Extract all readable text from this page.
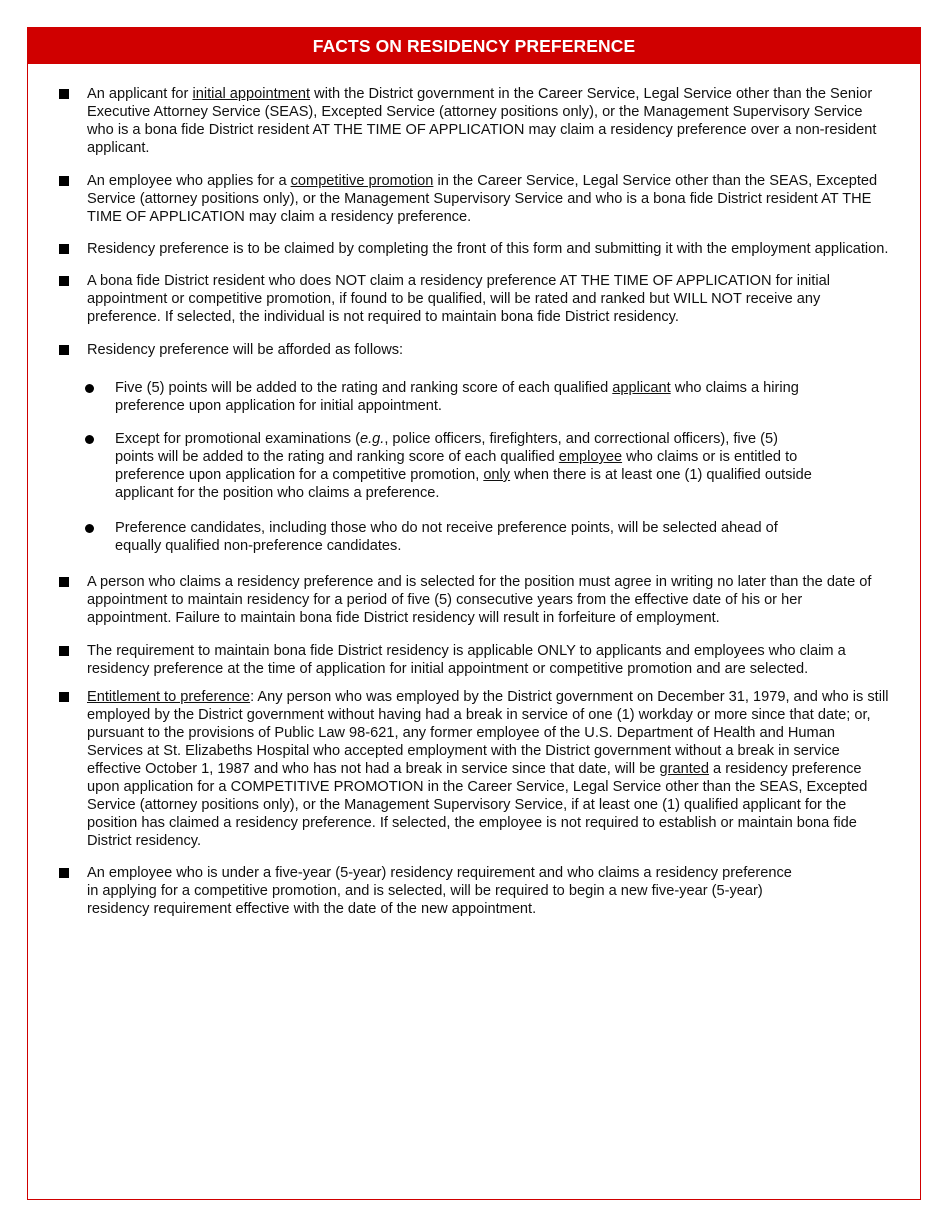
FACTS ON RESIDENCY PREFERENCE
An applicant for initial appointment with the District government in the Career Service, Legal Service other than the Senior Executive Attorney Service (SEAS), Excepted Service (attorney positions only), or the Management Supervisory Service who is a bona fide District resident AT THE TIME OF APPLICATION may claim a residency preference over a non-resident applicant.
An employee who applies for a competitive promotion in the Career Service, Legal Service other than the SEAS, Excepted Service (attorney positions only), or the Management Supervisory Service and who is a bona fide District resident AT THE TIME OF APPLICATION may claim a residency preference.
Residency preference is to be claimed by completing the front of this form and submitting it with the employment application.
A bona fide District resident who does NOT claim a residency preference AT THE TIME OF APPLICATION for initial appointment or competitive promotion, if found to be qualified, will be rated and ranked but WILL NOT receive any preference. If selected, the individual is not required to maintain bona fide District residency.
Residency preference will be afforded as follows:
Five (5) points will be added to the rating and ranking score of each qualified applicant who claims a hiring preference upon application for initial appointment.
Except for promotional examinations (e.g., police officers, firefighters, and correctional officers), five (5) points will be added to the rating and ranking score of each qualified employee who claims or is entitled to preference upon application for a competitive promotion, only when there is at least one (1) qualified outside applicant for the position who claims a preference.
Preference candidates, including those who do not receive preference points, will be selected ahead of equally qualified non-preference candidates.
A person who claims a residency preference and is selected for the position must agree in writing no later than the date of appointment to maintain residency for a period of five (5) consecutive years from the effective date of his or her appointment. Failure to maintain bona fide District residency will result in forfeiture of employment.
The requirement to maintain bona fide District residency is applicable ONLY to applicants and employees who claim a residency preference at the time of application for initial appointment or competitive promotion and are selected.
Entitlement to preference: Any person who was employed by the District government on December 31, 1979, and who is still employed by the District government without having had a break in service of one (1) workday or more since that date; or, pursuant to the provisions of Public Law 98-621, any former employee of the U.S. Department of Health and Human Services at St. Elizabeths Hospital who accepted employment with the District government without a break in service effective October 1, 1987 and who has not had a break in service since that date, will be granted a residency preference upon application for a COMPETITIVE PROMOTION in the Career Service, Legal Service other than the SEAS, Excepted Service (attorney positions only), or the Management Supervisory Service, if at least one (1) qualified applicant for the position has claimed a residency preference. If selected, the employee is not required to establish or maintain bona fide District residency.
An employee who is under a five-year (5-year) residency requirement and who claims a residency preference in applying for a competitive promotion, and is selected, will be required to begin a new five-year (5-year) residency requirement effective with the date of the new appointment.
